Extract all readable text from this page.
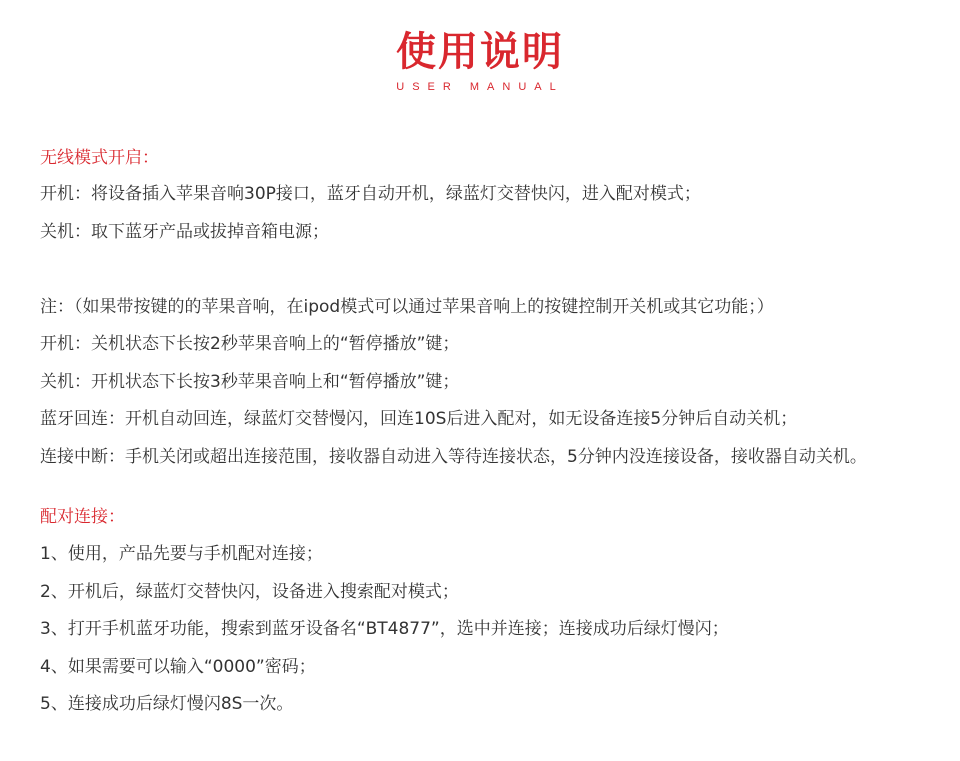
使用说明
USER MANUAL
无线模式开启：
开机：将设备插入苹果音响30P接口，蓝牙自动开机，绿蓝灯交替快闪，进入配对模式；
关机：取下蓝牙产品或拔掉音箱电源；
注：（如果带按键的的苹果音响，在ipod模式可以通过苹果音响上的按键控制开关机或其它功能；）
开机：关机状态下长按2秒苹果音响上的“暂停播放”键；
关机：开机状态下长按3秒苹果音响上和“暂停播放”键；
蓝牙回连：开机自动回连，绿蓝灯交替慢闪，回连10S后进入配对，如无设备连接5分钟后自动关机；
连接中断：手机关闭或超出连接范围，接收器自动进入等待连接状态，5分钟内没连接设备，接收器自动关机。
配对连接：
1、使用，产品先要与手机配对连接；
2、开机后，绿蓝灯交替快闪，设备进入搜索配对模式；
3、打开手机蓝牙功能，搜索到蓝牙设备名“BT4877”，选中并连接；连接成功后绿灯慢闪；
4、如果需要可以输入“0000”密码；
5、连接成功后绿灯慢闪8S一次。
